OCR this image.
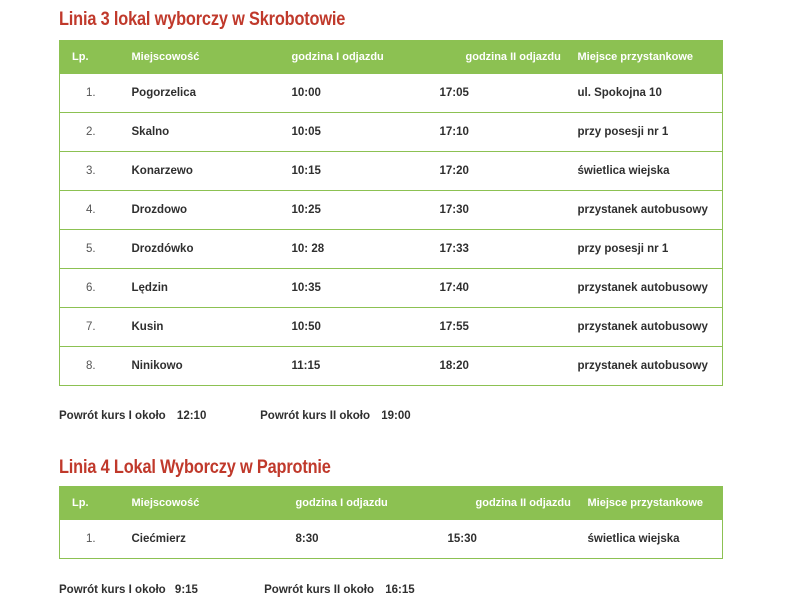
Linia 3 lokal wyborczy w Skrobotowie
Lp.	Miejscowość	godzina I odjazdu	godzina II odjazdu	Miejsce przystankowe
1.	Pogorzelica	10:00	17:05	ul. Spokojna 10
2.	Skalno	10:05	17:10	przy posesji nr 1
3.	Konarzewo	10:15	17:20	świetlica wiejska
4.	Drozdowo	10:25	17:30	przystanek autobusowy
5.	Drozdówko	10: 28	17:33	przy posesji nr 1
6.	Lędzin	10:35	17:40	przystanek autobusowy
7.	Kusin	10:50	17:55	przystanek autobusowy
8.	Ninikowo	11:15	18:20	przystanek autobusowy
Powrót kurs I około 12:10	Powrót kurs II około 19:00
Linia 4 Lokal Wyborczy w Paprotnie
Lp.	Miejscowość	godzina I odjazdu	godzina II odjazdu	Miejsce przystankowe
1.	Ciećmierz	8:30	15:30	świetlica wiejska
Powrót kurs I około 9:15	Powrót kurs II około 16:15
